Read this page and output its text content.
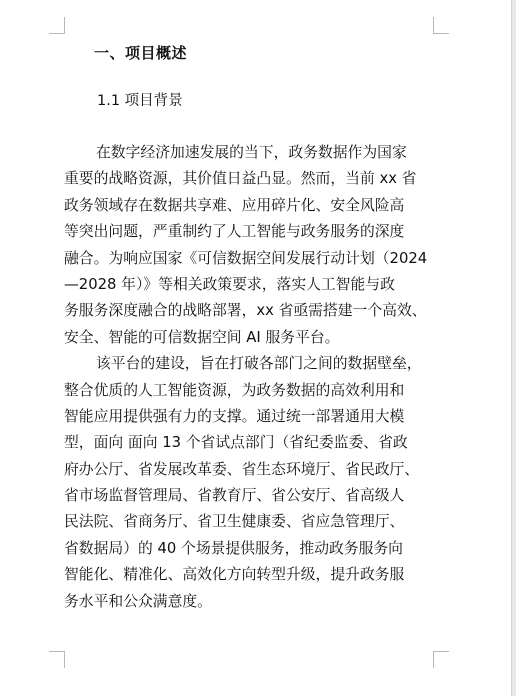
一、项目概述
1.1 项目背景
在数字经济加速发展的当下，政务数据作为国家
重要的战略资源，其价值日益凸显。然而，当前 xx 省
政务领域存在数据共享难、应用碎片化、安全风险高
等突出问题，严重制约了人工智能与政务服务的深度
融合。为响应国家《可信数据空间发展行动计划（2024
—2028 年）》等相关政策要求，落实人工智能与政
务服务深度融合的战略部署，xx 省亟需搭建一个高效、
安全、智能的可信数据空间 AI 服务平台。
该平台的建设，旨在打破各部门之间的数据壁垒，
整合优质的人工智能资源，为政务数据的高效利用和
智能应用提供强有力的支撑。通过统一部署通用大模
型，面向 面向 13 个省试点部门（省纪委监委、省政
府办公厅、省发展改革委、省生态环境厅、省民政厅、
省市场监督管理局、省教育厅、省公安厅、省高级人
民法院、省商务厅、省卫生健康委、省应急管理厅、
省数据局）的 40 个场景提供服务，推动政务服务向
智能化、精准化、高效化方向转型升级，提升政务服
务水平和公众满意度。
